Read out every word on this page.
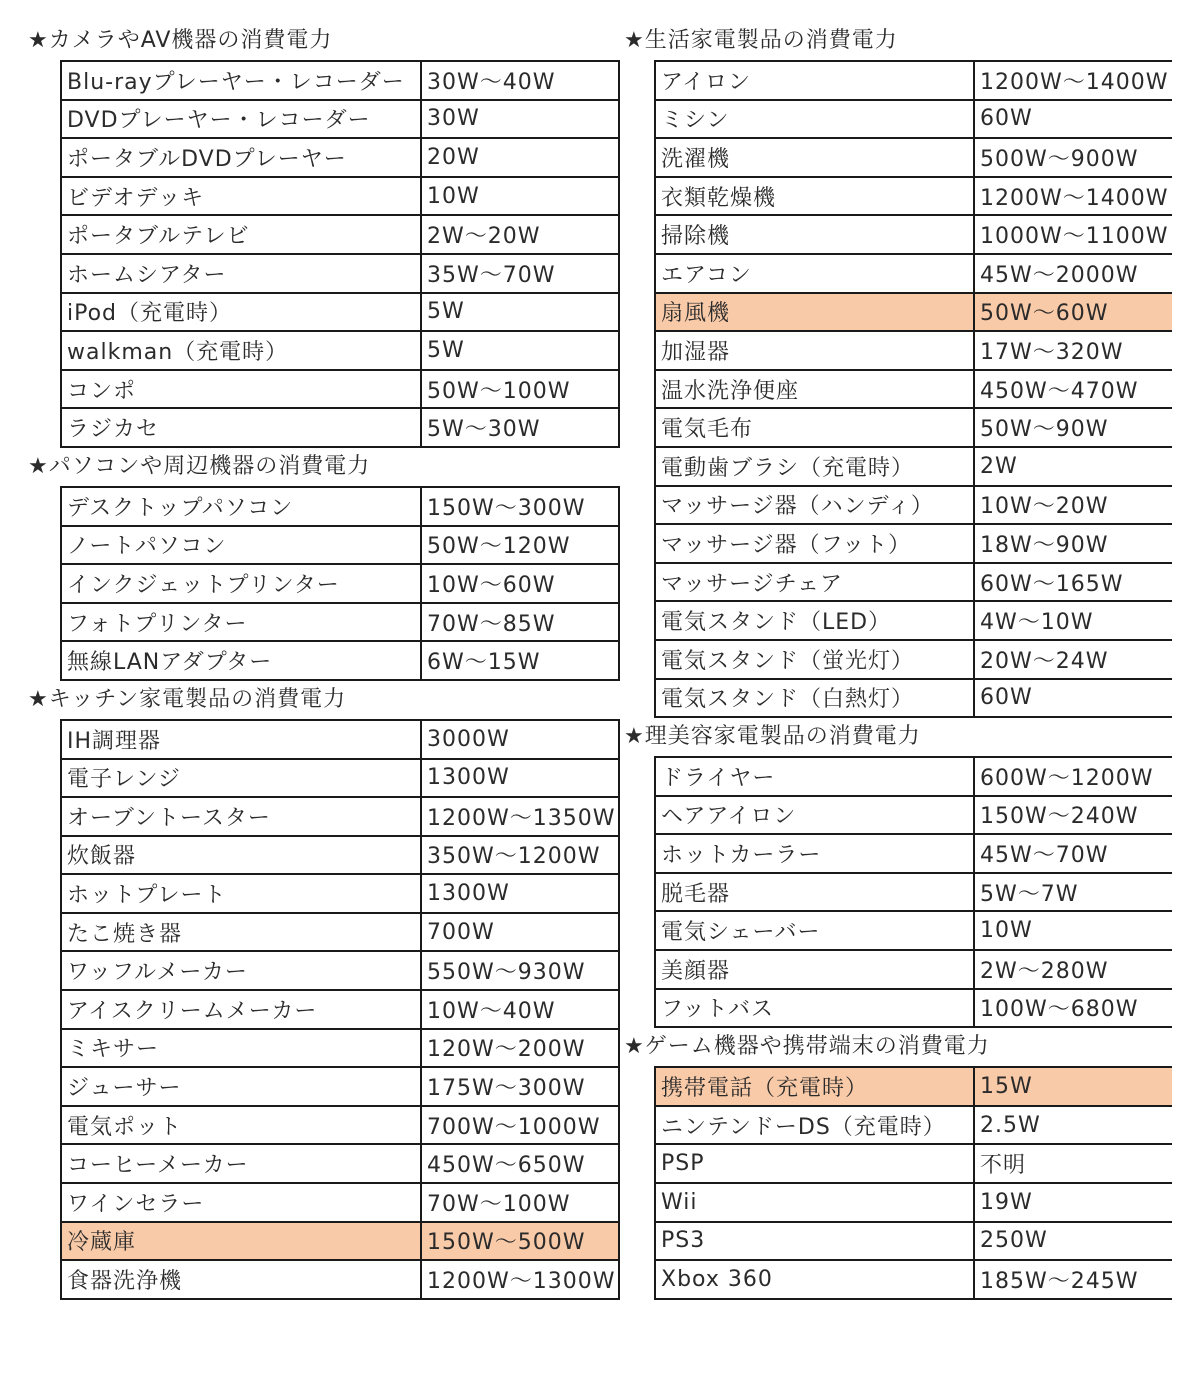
★カメラやAV機器の消費電力
Blu-rayプレーヤー・レコーダー	30W～40W
DVDプレーヤー・レコーダー	30W
ポータブルDVDプレーヤー	20W
ビデオデッキ	10W
ポータブルテレビ	2W～20W
ホームシアター	35W～70W
iPod（充電時）	5W
walkman（充電時）	5W
コンポ	50W～100W
ラジカセ	5W～30W
★パソコンや周辺機器の消費電力
デスクトップパソコン	150W～300W
ノートパソコン	50W～120W
インクジェットプリンター	10W～60W
フォトプリンター	70W～85W
無線LANアダプター	6W～15W
★キッチン家電製品の消費電力
IH調理器	3000W
電子レンジ	1300W
オーブントースター	1200W～1350W
炊飯器	350W～1200W
ホットプレート	1300W
たこ焼き器	700W
ワッフルメーカー	550W～930W
アイスクリームメーカー	10W～40W
ミキサー	120W～200W
ジューサー	175W～300W
電気ポット	700W～1000W
コーヒーメーカー	450W～650W
ワインセラー	70W～100W
冷蔵庫	150W～500W
食器洗浄機	1200W～1300W
★生活家電製品の消費電力
アイロン	1200W～1400W
ミシン	60W
洗濯機	500W～900W
衣類乾燥機	1200W～1400W
掃除機	1000W～1100W
エアコン	45W～2000W
扇風機	50W～60W
加湿器	17W～320W
温水洗浄便座	450W～470W
電気毛布	50W～90W
電動歯ブラシ（充電時）	2W
マッサージ器（ハンディ）	10W～20W
マッサージ器（フット）	18W～90W
マッサージチェア	60W～165W
電気スタンド（LED）	4W～10W
電気スタンド（蛍光灯）	20W～24W
電気スタンド（白熱灯）	60W
★理美容家電製品の消費電力
ドライヤー	600W～1200W
ヘアアイロン	150W～240W
ホットカーラー	45W～70W
脱毛器	5W～7W
電気シェーバー	10W
美顔器	2W～280W
フットバス	100W～680W
★ゲーム機器や携帯端末の消費電力
携帯電話（充電時）	15W
ニンテンドーDS（充電時）	2.5W
PSP	不明
Wii	19W
PS3	250W
Xbox 360	185W～245W
